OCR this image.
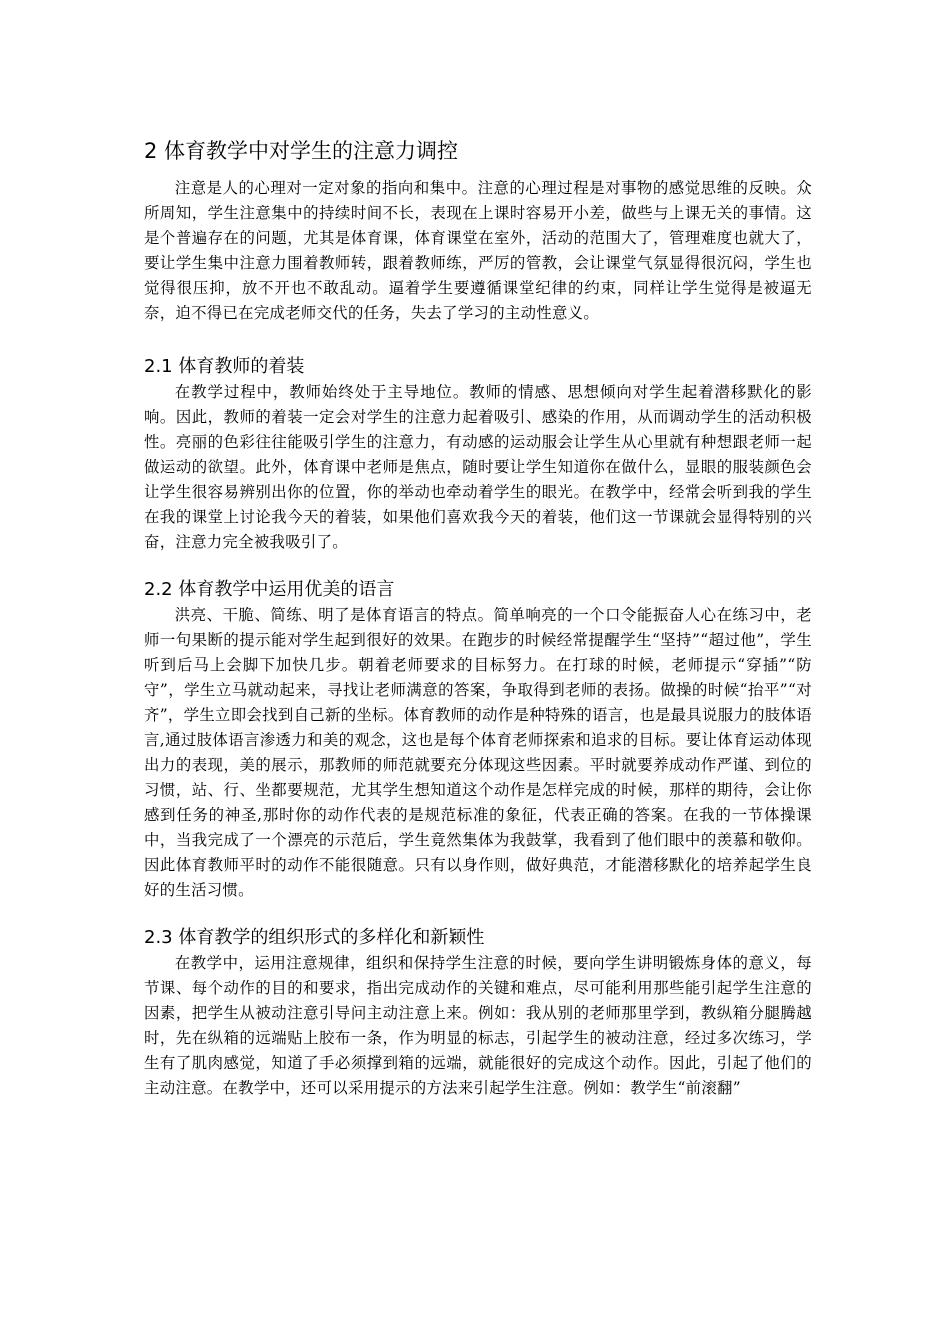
2 体育教学中对学生的注意力调控

注意是人的心理对一定对象的指向和集中。注意的心理过程是对事物的感觉思维的反映。众所周知，学生注意集中的持续时间不长，表现在上课时容易开小差，做些与上课无关的事情。这是个普遍存在的问题，尤其是体育课，体育课堂在室外，活动的范围大了，管理难度也就大了，要让学生集中注意力围着教师转，跟着教师练，严厉的管教，会让课堂气氛显得很沉闷，学生也觉得很压抑，放不开也不敢乱动。逼着学生要遵循课堂纪律的约束，同样让学生觉得是被逼无奈，迫不得已在完成老师交代的任务，失去了学习的主动性意义。

2.1 体育教师的着装

在教学过程中，教师始终处于主导地位。教师的情感、思想倾向对学生起着潜移默化的影响。因此，教师的着装一定会对学生的注意力起着吸引、感染的作用，从而调动学生的活动积极性。亮丽的色彩往往能吸引学生的注意力，有动感的运动服会让学生从心里就有种想跟老师一起做运动的欲望。此外，体育课中老师是焦点，随时要让学生知道你在做什么，显眼的服装颜色会让学生很容易辨别出你的位置，你的举动也牵动着学生的眼光。在教学中，经常会听到我的学生在我的课堂上讨论我今天的着装，如果他们喜欢我今天的着装，他们这一节课就会显得特别的兴奋，注意力完全被我吸引了。

2.2 体育教学中运用优美的语言

洪亮、干脆、简练、明了是体育语言的特点。简单响亮的一个口令能振奋人心在练习中，老师一句果断的提示能对学生起到很好的效果。在跑步的时候经常提醒学生“坚持”“超过他”，学生听到后马上会脚下加快几步。朝着老师要求的目标努力。在打球的时候，老师提示“穿插”“防守”，学生立马就动起来，寻找让老师满意的答案，争取得到老师的表扬。做操的时候“抬平”“对齐”，学生立即会找到自己新的坐标。体育教师的动作是种特殊的语言，也是最具说服力的肢体语言,通过肢体语言渗透力和美的观念，这也是每个体育老师探索和追求的目标。要让体育运动体现出力的表现，美的展示，那教师的师范就要充分体现这些因素。平时就要养成动作严谨、到位的习惯，站、行、坐都要规范，尤其学生想知道这个动作是怎样完成的时候，那样的期待，会让你感到任务的神圣,那时你的动作代表的是规范标准的象征，代表正确的答案。在我的一节体操课中，当我完成了一个漂亮的示范后，学生竟然集体为我鼓掌，我看到了他们眼中的羡慕和敬仰。因此体育教师平时的动作不能很随意。只有以身作则，做好典范，才能潜移默化的培养起学生良好的生活习惯。

2.3 体育教学的组织形式的多样化和新颖性

在教学中，运用注意规律，组织和保持学生注意的时候，要向学生讲明锻炼身体的意义，每节课、每个动作的目的和要求，指出完成动作的关键和难点，尽可能利用那些能引起学生注意的因素，把学生从被动注意引导问主动注意上来。例如：我从别的老师那里学到，教纵箱分腿腾越时，先在纵箱的远端贴上胶布一条，作为明显的标志，引起学生的被动注意，经过多次练习，学生有了肌肉感觉，知道了手必须撑到箱的远端，就能很好的完成这个动作。因此，引起了他们的主动注意。在教学中，还可以采用提示的方法来引起学生注意。例如：教学生“前滚翻”
